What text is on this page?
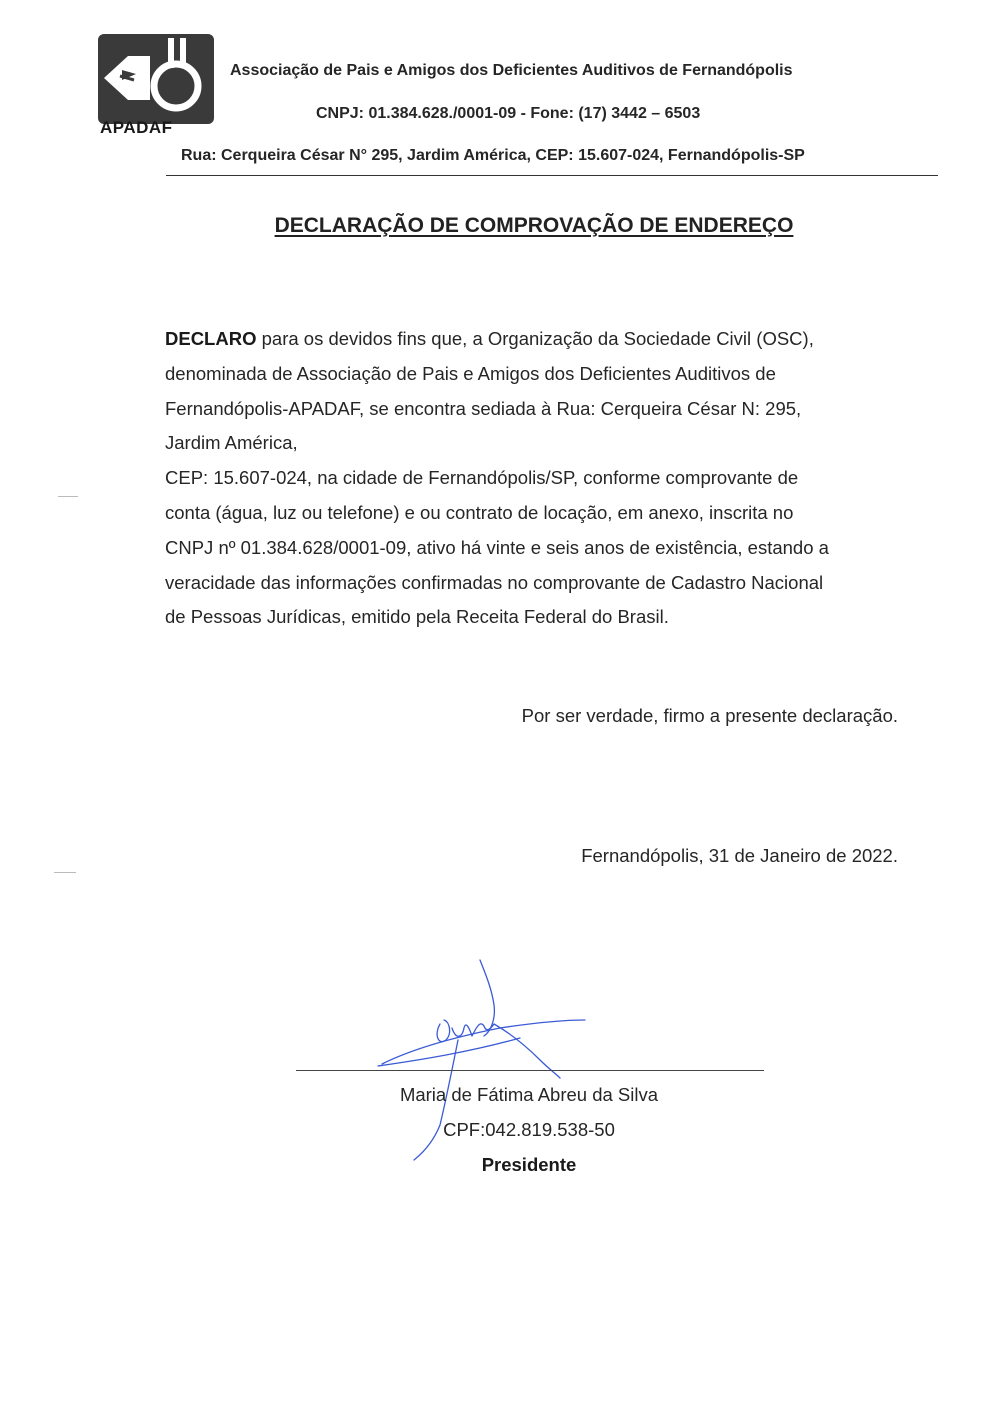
APADAF
Associação de Pais e Amigos dos Deficientes Auditivos de Fernandópolis
CNPJ: 01.384.628./0001-09 - Fone: (17) 3442 – 6503
Rua: Cerqueira César N° 295, Jardim América, CEP: 15.607-024, Fernandópolis-SP
DECLARAÇÃO DE COMPROVAÇÃO DE ENDEREÇO

DECLARO para os devidos fins que, a Organização da Sociedade Civil (OSC),

denominada de Associação de Pais e Amigos dos Deficientes Auditivos de

Fernandópolis-APADAF, se encontra sediada à Rua: Cerqueira César N: 295,

Jardim América,

CEP: 15.607-024, na cidade de Fernandópolis/SP, conforme comprovante de

conta (água, luz ou telefone) e ou contrato de locação, em anexo, inscrita no

CNPJ nº 01.384.628/0001-09, ativo há vinte e seis anos de existência, estando a

veracidade das informações confirmadas no comprovante de Cadastro Nacional

de Pessoas Jurídicas, emitido pela Receita Federal do Brasil.

Por ser verdade, firmo a presente declaração.
Fernandópolis, 31 de Janeiro de 2022.
Maria de Fátima Abreu da Silva
CPF:042.819.538-50
Presidente
